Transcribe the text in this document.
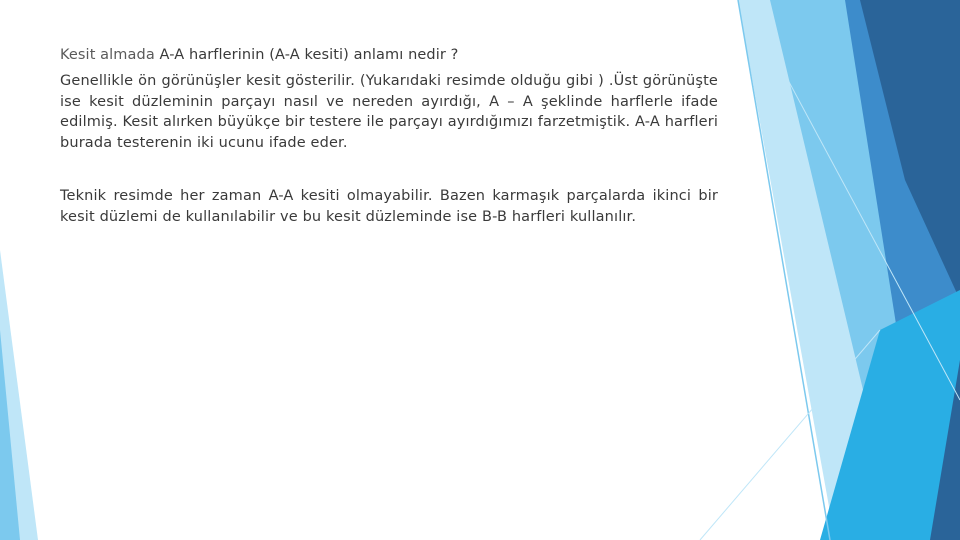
Kesit almada A-A harflerinin (A-A kesiti) anlamı nedir ?

Genellikle ön görünüşler kesit gösterilir. (Yukarıdaki resimde olduğu gibi ) .Üst görünüşte ise kesit düzleminin parçayı nasıl ve nereden ayırdığı, A – A şeklinde harflerle ifade edilmiş. Kesit alırken büyükçe bir testere ile parçayı ayırdığımızı farzetmiştik. A-A harfleri burada testerenin iki ucunu ifade eder.

Teknik resimde her zaman A-A kesiti olmayabilir. Bazen karmaşık parçalarda ikinci bir kesit düzlemi de kullanılabilir ve bu kesit düzleminde ise B-B harfleri kullanılır.
